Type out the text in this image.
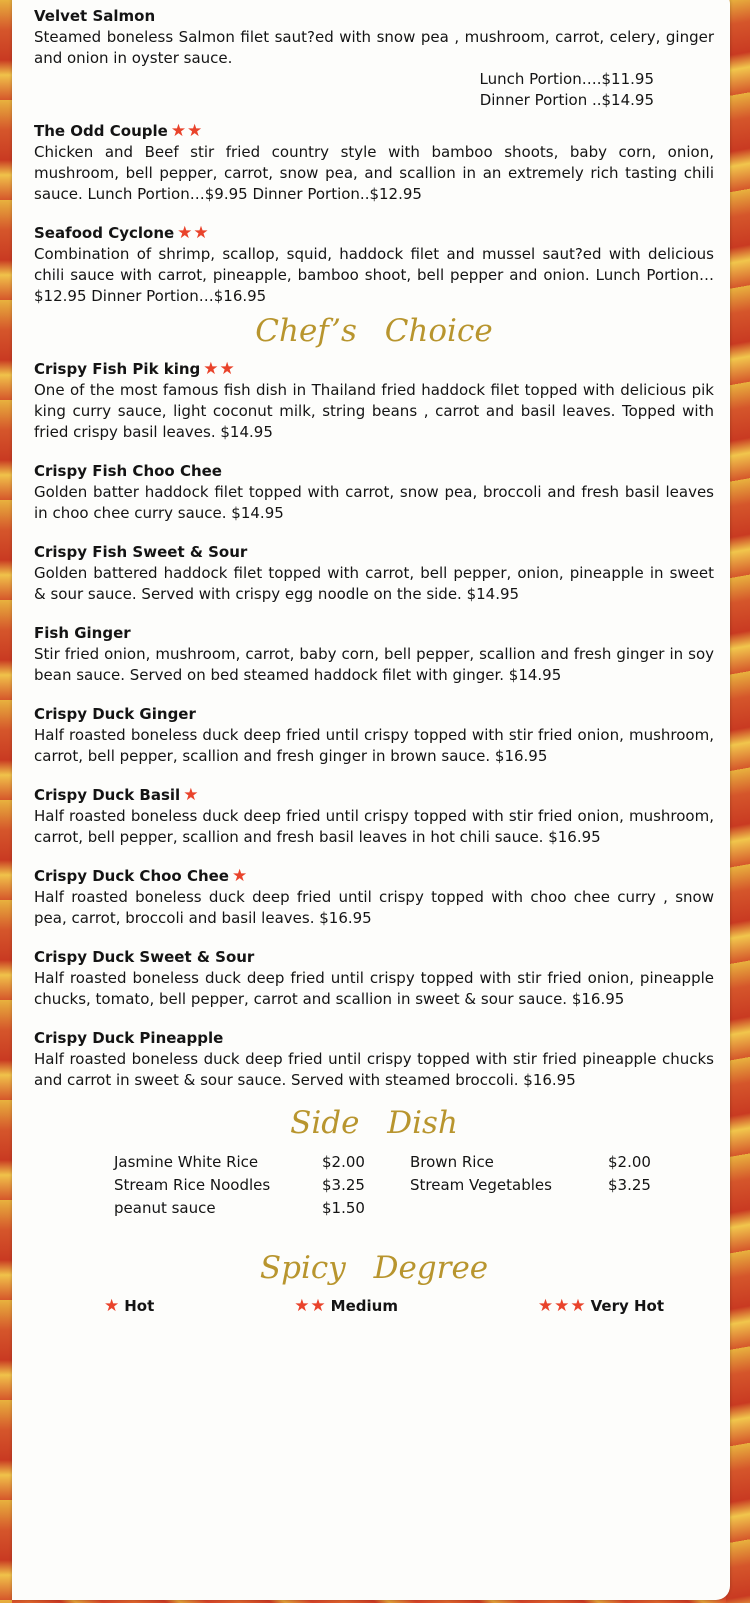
Velvet Salmon

Steamed boneless Salmon filet saut?ed with snow pea , mushroom, carrot, celery, ginger and onion in oyster sauce.

Lunch Portion….$11.95

Dinner Portion ..$14.95

The Odd Couple ★★

Chicken and Beef stir fried country style with bamboo shoots, baby corn, onion, mushroom, bell pepper, carrot, snow pea, and scallion in an extremely rich tasting chili sauce. Lunch Portion…$9.95 Dinner Portion..$12.95

Seafood Cyclone ★★

Combination of shrimp, scallop, squid, haddock filet and mussel saut?ed with delicious chili sauce with carrot, pineapple, bamboo shoot, bell pepper and onion. Lunch Portion…$12.95 Dinner Portion…$16.95

Chef’s Choice
Crispy Fish Pik king ★★

One of the most famous fish dish in Thailand fried haddock filet topped with delicious pik king curry sauce, light coconut milk, string beans , carrot and basil leaves. Topped with fried crispy basil leaves. $14.95

Crispy Fish Choo Chee

Golden batter haddock filet topped with carrot, snow pea, broccoli and fresh basil leaves in choo chee curry sauce. $14.95

Crispy Fish Sweet & Sour

Golden battered haddock filet topped with carrot, bell pepper, onion, pineapple in sweet & sour sauce. Served with crispy egg noodle on the side. $14.95

Fish Ginger

Stir fried onion, mushroom, carrot, baby corn, bell pepper, scallion and fresh ginger in soy bean sauce. Served on bed steamed haddock filet with ginger. $14.95

Crispy Duck Ginger

Half roasted boneless duck deep fried until crispy topped with stir fried onion, mushroom, carrot, bell pepper, scallion and fresh ginger in brown sauce. $16.95

Crispy Duck Basil ★

Half roasted boneless duck deep fried until crispy topped with stir fried onion, mushroom, carrot, bell pepper, scallion and fresh basil leaves in hot chili sauce. $16.95

Crispy Duck Choo Chee ★

Half roasted boneless duck deep fried until crispy topped with choo chee curry , snow pea, carrot, broccoli and basil leaves. $16.95

Crispy Duck Sweet & Sour

Half roasted boneless duck deep fried until crispy topped with stir fried onion, pineapple chucks, tomato, bell pepper, carrot and scallion in sweet & sour sauce. $16.95

Crispy Duck Pineapple

Half roasted boneless duck deep fried until crispy topped with stir fried pineapple chucks and carrot in sweet & sour sauce. Served with steamed broccoli. $16.95

Side Dish
Jasmine White Rice	$2.00	Brown Rice	$2.00
Stream Rice Noodles	$3.25	Stream Vegetables	$3.25
peanut sauce	$1.50
Spicy Degree
★ Hot	★★ Medium	★★★ Very Hot
